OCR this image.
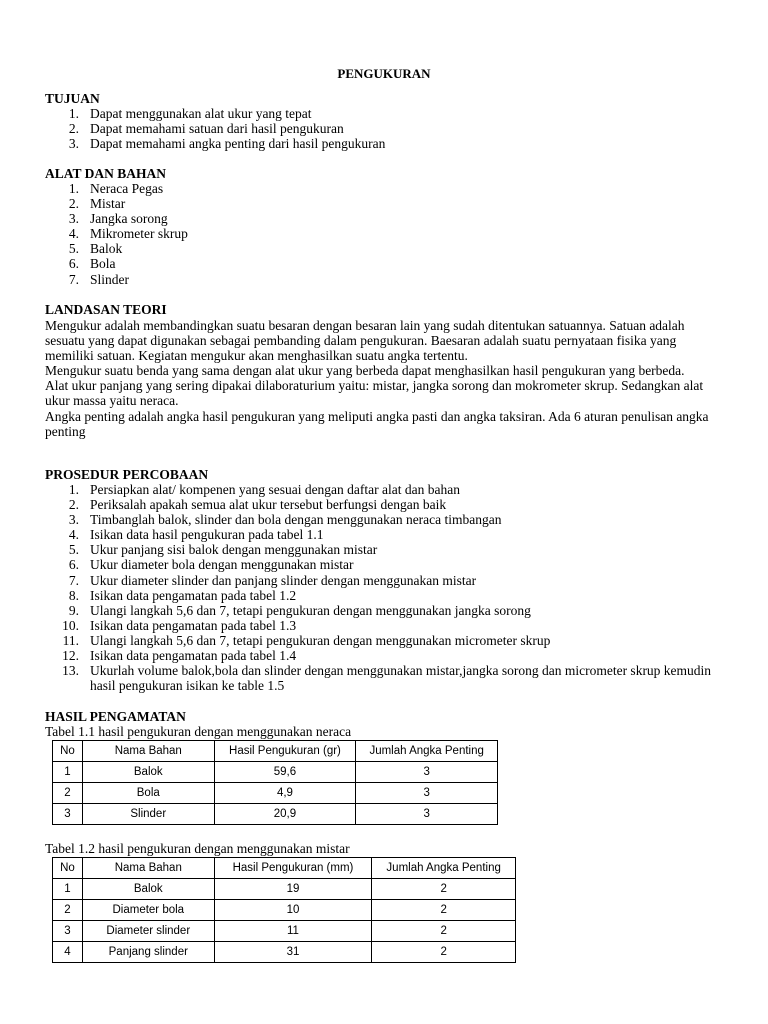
PENGUKURAN
TUJUAN
1. Dapat menggunakan alat ukur yang tepat
2. Dapat memahami satuan dari hasil pengukuran
3. Dapat memahami angka penting dari hasil pengukuran
ALAT DAN BAHAN
1. Neraca Pegas
2. Mistar
3. Jangka sorong
4. Mikrometer skrup
5. Balok
6. Bola
7. Slinder
LANDASAN TEORI

Mengukur adalah membandingkan suatu besaran dengan besaran lain yang sudah ditentukan satuannya. Satuan adalah sesuatu yang dapat digunakan sebagai pembanding dalam pengukuran. Baesaran adalah suatu pernyataan fisika yang memiliki satuan. Kegiatan mengukur akan menghasilkan suatu angka tertentu.

Mengukur suatu benda yang sama dengan alat ukur yang berbeda dapat menghasilkan hasil pengukuran yang berbeda.

Alat ukur panjang yang sering dipakai dilaboraturium yaitu: mistar, jangka sorong dan mokrometer skrup. Sedangkan alat ukur massa yaitu neraca.

Angka penting adalah angka hasil pengukuran yang meliputi angka pasti dan angka taksiran. Ada 6 aturan penulisan angka penting

PROSEDUR PERCOBAAN
1. Persiapkan alat/ kompenen yang sesuai dengan daftar alat dan bahan
2. Periksalah apakah semua alat ukur tersebut berfungsi dengan baik
3. Timbanglah balok, slinder dan bola dengan menggunakan neraca timbangan
4. Isikan data hasil pengukuran pada tabel 1.1
5. Ukur panjang sisi balok dengan menggunakan mistar
6. Ukur diameter bola dengan menggunakan mistar
7. Ukur diameter slinder dan panjang slinder dengan menggunakan mistar
8. Isikan data pengamatan pada tabel 1.2
9. Ulangi langkah 5,6 dan 7, tetapi pengukuran dengan menggunakan jangka sorong
10. Isikan data pengamatan pada tabel 1.3
11. Ulangi langkah 5,6 dan 7, tetapi pengukuran dengan menggunakan micrometer skrup
12. Isikan data pengamatan pada tabel 1.4
13. Ukurlah volume balok,bola dan slinder dengan menggunakan mistar,jangka sorong dan micrometer skrup kemudin hasil pengukuran isikan ke table 1.5
HASIL PENGAMATAN
Tabel 1.1 hasil pengukuran dengan menggunakan neraca
No	Nama Bahan	Hasil Pengukuran (gr)	Jumlah Angka Penting
1	Balok	59,6	3
2	Bola	4,9	3
3	Slinder	20,9	3
Tabel 1.2 hasil pengukuran dengan menggunakan mistar
No	Nama Bahan	Hasil Pengukuran (mm)	Jumlah Angka Penting
1	Balok	19	2
2	Diameter bola	10	2
3	Diameter slinder	11	2
4	Panjang slinder	31	2
